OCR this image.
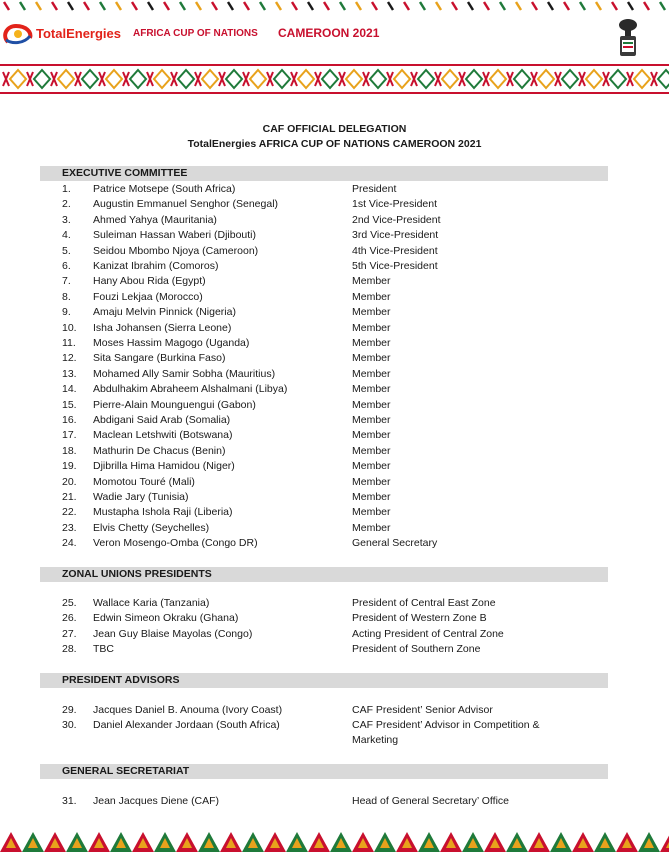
TotalEnergies AFRICA CUP OF NATIONS CAMEROON 2021
CAF OFFICIAL DELEGATION
TotalEnergies AFRICA CUP OF NATIONS CAMEROON 2021
EXECUTIVE COMMITTEE
1. Patrice Motsepe (South Africa)	President
2. Augustin Emmanuel Senghor (Senegal)	1st Vice-President
3. Ahmed Yahya (Mauritania)	2nd Vice-President
4. Suleiman Hassan Waberi (Djibouti)	3rd Vice-President
5. Seidou Mbombo Njoya (Cameroon)	4th Vice-President
6. Kanizat Ibrahim (Comoros)	5th Vice-President
7. Hany Abou Rida (Egypt)	Member
8. Fouzi Lekjaa (Morocco)	Member
9. Amaju Melvin Pinnick (Nigeria)	Member
10. Isha Johansen (Sierra Leone)	Member
11. Moses Hassim Magogo (Uganda)	Member
12. Sita Sangare (Burkina Faso)	Member
13. Mohamed Ally Samir Sobha (Mauritius)	Member
14. Abdulhakim Abraheem Alshalmani (Libya)	Member
15. Pierre-Alain Mounguengui (Gabon)	Member
16. Abdigani Said Arab (Somalia)	Member
17. Maclean Letshwiti (Botswana)	Member
18. Mathurin De Chacus (Benin)	Member
19. Djibrilla Hima Hamidou (Niger)	Member
20. Momotou Touré (Mali)	Member
21. Wadie Jary (Tunisia)	Member
22. Mustapha Ishola Raji (Liberia)	Member
23. Elvis Chetty (Seychelles)	Member
24. Veron Mosengo-Omba (Congo DR)	General Secretary
ZONAL UNIONS PRESIDENTS
25. Wallace Karia (Tanzania)	President of Central East Zone
26. Edwin Simeon Okraku (Ghana)	President of Western Zone B
27. Jean Guy Blaise Mayolas (Congo)	Acting President of Central Zone
28. TBC	President of Southern Zone
PRESIDENT ADVISORS
29. Jacques Daniel B. Anouma (Ivory Coast)	CAF President’ Senior Advisor
30. Daniel Alexander Jordaan (South Africa)	CAF President’ Advisor in Competition &
Marketing
GENERAL SECRETARIAT
31. Jean Jacques Diene (CAF)	Head of General Secretary’ Office
